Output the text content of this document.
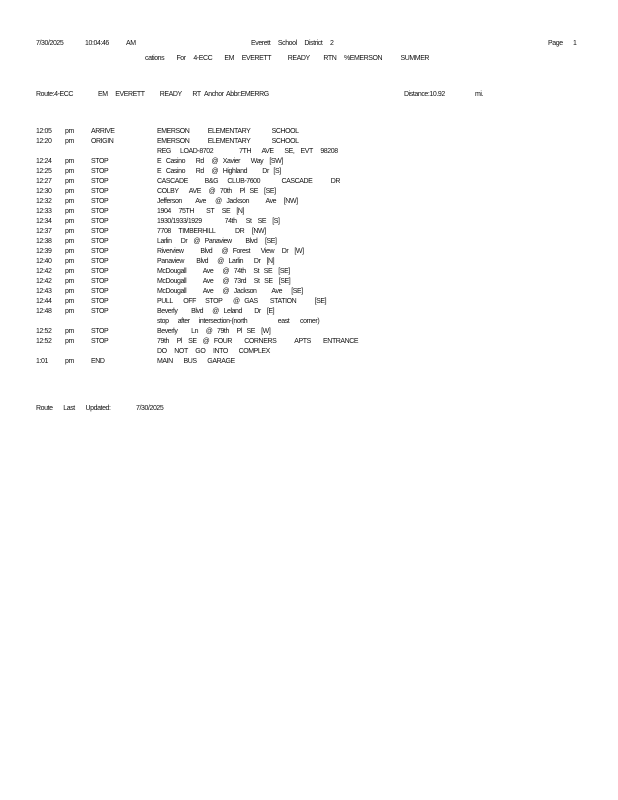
7/30/2025	10:04:46 AM	Everett     School     District     2	Page 1
cations        For     4-ECC        EM     EVERETT           READY         RTN     %EMERSON            SUMMER
Route:4-ECC	EM     EVERETT          READY       RT Anchor Abbr:EMERRG	Distance:10.92	mi.
12:05 pm ARRIVE	EMERSON            ELEMENTARY              SCHOOL
12:20 pm ORIGIN	EMERSON            ELEMENTARY              SCHOOL
REG      LOAD-8702                 7TH       AVE       SE,    EVT     98208
12:24 pm STOP	E   Casino       Rd     @   Xavier       Way    [SW]
12:25 pm STOP	E   Casino       Rd     @   Highland          Dr   [S]
12:27 pm STOP	CASCADE           B&G      CLUB-7600              CASCADE            DR
12:30 pm STOP	COLBY       AVE     @   70th     Pl   SE    [SE]
12:32 pm STOP	Jefferson         Ave      @   Jackson           Ave     [NW]
12:33 pm STOP	1904     75TH        ST     SE    [N]
12:34 pm STOP	1930/1933/1929               74th      St    SE    [S]
12:37 pm STOP	7708     TIMBERHILL             DR     [NW]
12:38 pm STOP	Larlin      Dr    @   Panaview         Blvd     [SE]
12:39 pm STOP	Riverview           Blvd      @   Forest       View     Dr    [W]
12:40 pm STOP	Panaview        Blvd      @   Larlin       Dr    [N]
12:42 pm STOP	McDougall           Ave      @   74th     St   SE    [SE]
12:42 pm STOP	McDougall           Ave      @   73rd     St   SE    [SE]
12:43 pm STOP	McDougall           Ave      @   Jackson          Ave      [SE]
12:44 pm STOP	PULL       OFF      STOP       @   GAS        STATION            [SE]
12:48 pm STOP	Beverly         Blvd      @   Leland        Dr    [E]
stop      after      intersection-(north                    east       corner)
12:52 pm STOP	Beverly         Ln     @   79th     Pl   SE    [W]
12:52 pm STOP	79th     Pl    SE    @   FOUR        CORNERS            APTS        ENTRANCE
DO     NOT     GO     INTO       COMPLEX
1:01 pm END	MAIN       BUS       GARAGE
Route       Last       Updated:	7/30/2025
